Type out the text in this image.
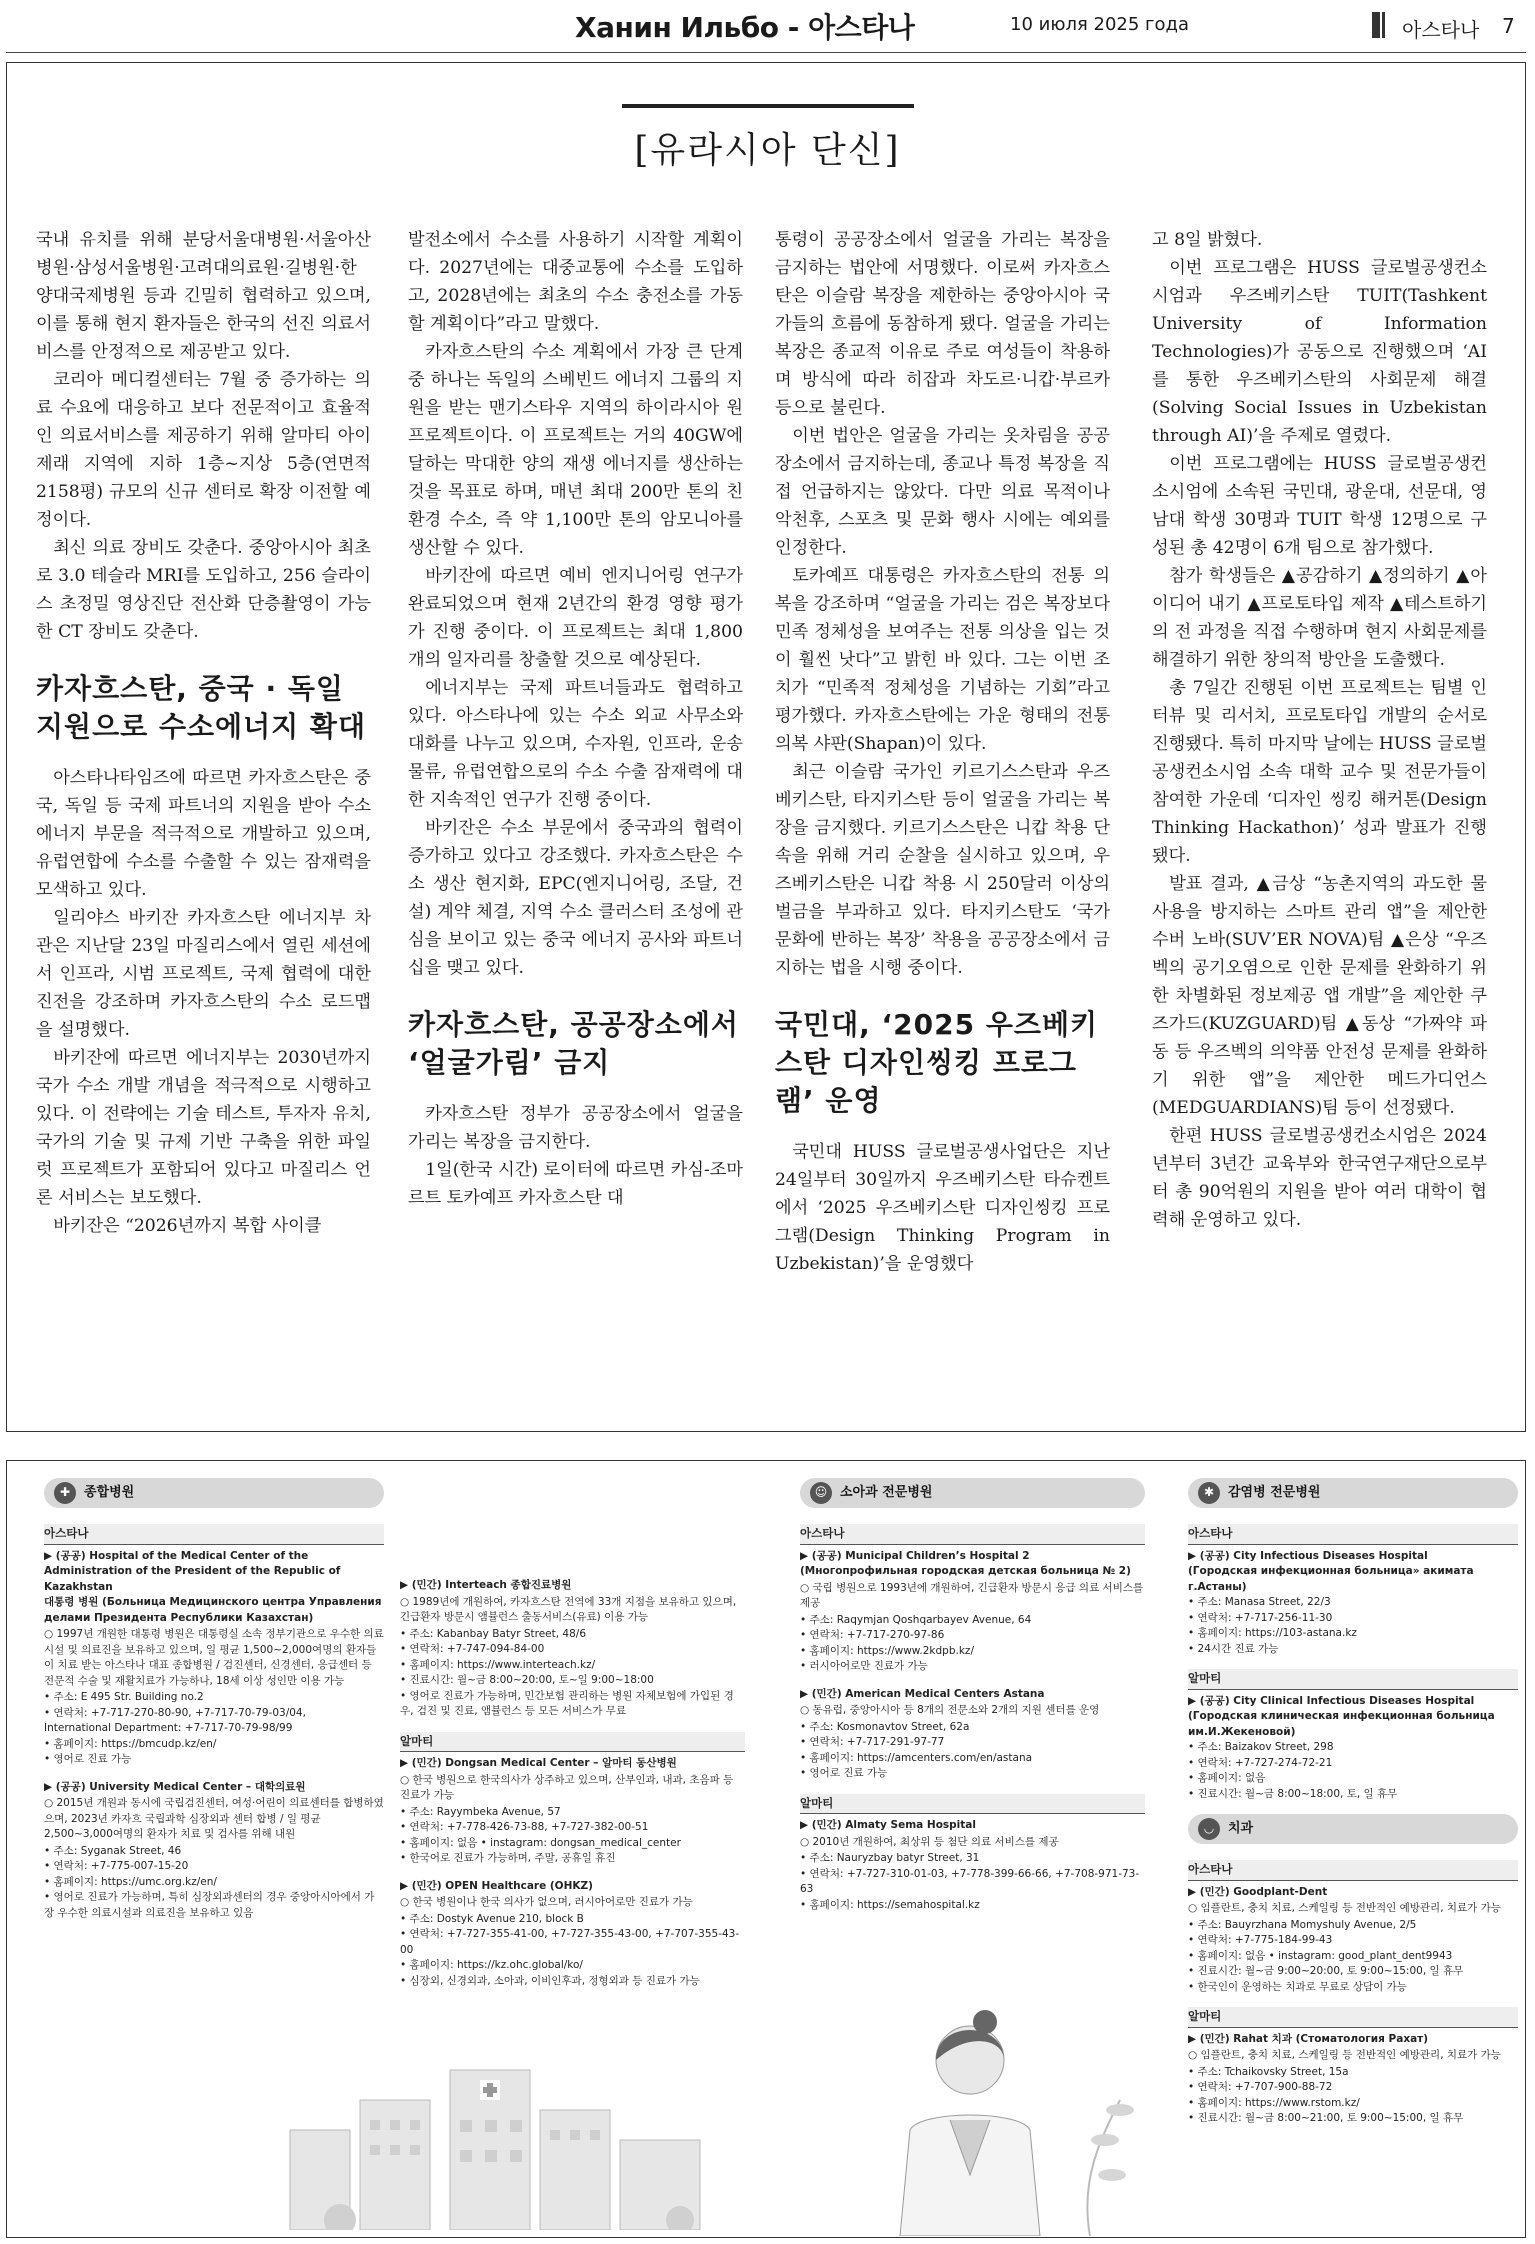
Ханин Ильбо - 아스타나	10 июля 2025 года	아스타나 7
[유라시아 단신]

국내 유치를 위해 분당서울대병원·서울아산병원·삼성서울병원·고려대의료원·길병원·한양대국제병원 등과 긴밀히 협력하고 있으며, 이를 통해 현지 환자들은 한국의 선진 의료서비스를 안정적으로 제공받고 있다.

코리아 메디컬센터는 7월 중 증가하는 의료 수요에 대응하고 보다 전문적이고 효율적인 의료서비스를 제공하기 위해 알마티 아이제래 지역에 지하 1층~지상 5층(연면적 2158평) 규모의 신규 센터로 확장 이전할 예정이다.

최신 의료 장비도 갖춘다. 중앙아시아 최초로 3.0 테슬라 MRI를 도입하고, 256 슬라이스 초정밀 영상진단 전산화 단층촬영이 가능한 CT 장비도 갖춘다.

카자흐스탄, 중국 · 독일 지원으로 수소에너지 확대

아스타나타임즈에 따르면 카자흐스탄은 중국, 독일 등 국제 파트너의 지원을 받아 수소 에너지 부문을 적극적으로 개발하고 있으며, 유럽연합에 수소를 수출할 수 있는 잠재력을 모색하고 있다.

일리야스 바키잔 카자흐스탄 에너지부 차관은 지난달 23일 마질리스에서 열린 세션에서 인프라, 시범 프로젝트, 국제 협력에 대한 진전을 강조하며 카자흐스탄의 수소 로드맵을 설명했다.

바키잔에 따르면 에너지부는 2030년까지 국가 수소 개발 개념을 적극적으로 시행하고 있다. 이 전략에는 기술 테스트, 투자자 유치, 국가의 기술 및 규제 기반 구축을 위한 파일럿 프로젝트가 포함되어 있다고 마질리스 언론 서비스는 보도했다.

바키잔은 “2026년까지 복합 사이클

발전소에서 수소를 사용하기 시작할 계획이다. 2027년에는 대중교통에 수소를 도입하고, 2028년에는 최초의 수소 충전소를 가동할 계획이다”라고 말했다.

카자흐스탄의 수소 계획에서 가장 큰 단계 중 하나는 독일의 스베빈드 에너지 그룹의 지원을 받는 맨기스타우 지역의 하이라시아 원 프로젝트이다. 이 프로젝트는 거의 40GW에 달하는 막대한 양의 재생 에너지를 생산하는 것을 목표로 하며, 매년 최대 200만 톤의 친환경 수소, 즉 약 1,100만 톤의 암모니아를 생산할 수 있다.

바키잔에 따르면 예비 엔지니어링 연구가 완료되었으며 현재 2년간의 환경 영향 평가가 진행 중이다. 이 프로젝트는 최대 1,800개의 일자리를 창출할 것으로 예상된다.

에너지부는 국제 파트너들과도 협력하고 있다. 아스타나에 있는 수소 외교 사무소와 대화를 나누고 있으며, 수자원, 인프라, 운송 물류, 유럽연합으로의 수소 수출 잠재력에 대한 지속적인 연구가 진행 중이다.

바키잔은 수소 부문에서 중국과의 협력이 증가하고 있다고 강조했다. 카자흐스탄은 수소 생산 현지화, EPC(엔지니어링, 조달, 건설) 계약 체결, 지역 수소 클러스터 조성에 관심을 보이고 있는 중국 에너지 공사와 파트너십을 맺고 있다.

카자흐스탄, 공공장소에서 ‘얼굴가림’ 금지

카자흐스탄 정부가 공공장소에서 얼굴을 가리는 복장을 금지한다.

1일(한국 시간) 로이터에 따르면 카심-조마르트 토카예프 카자흐스탄 대

통령이 공공장소에서 얼굴을 가리는 복장을 금지하는 법안에 서명했다. 이로써 카자흐스탄은 이슬람 복장을 제한하는 중앙아시아 국가들의 흐름에 동참하게 됐다. 얼굴을 가리는 복장은 종교적 이유로 주로 여성들이 착용하며 방식에 따라 히잡과 차도르·니캅·부르카 등으로 불린다.

이번 법안은 얼굴을 가리는 옷차림을 공공장소에서 금지하는데, 종교나 특정 복장을 직접 언급하지는 않았다. 다만 의료 목적이나 악천후, 스포츠 및 문화 행사 시에는 예외를 인정한다.

토카예프 대통령은 카자흐스탄의 전통 의복을 강조하며 “얼굴을 가리는 검은 복장보다 민족 정체성을 보여주는 전통 의상을 입는 것이 훨씬 낫다”고 밝힌 바 있다. 그는 이번 조치가 “민족적 정체성을 기념하는 기회”라고 평가했다. 카자흐스탄에는 가운 형태의 전통 의복 샤판(Shapan)이 있다.

최근 이슬람 국가인 키르기스스탄과 우즈베키스탄, 타지키스탄 등이 얼굴을 가리는 복장을 금지했다. 키르기스스탄은 니캅 착용 단속을 위해 거리 순찰을 실시하고 있으며, 우즈베키스탄은 니캅 착용 시 250달러 이상의 벌금을 부과하고 있다. 타지키스탄도 ‘국가 문화에 반하는 복장’ 착용을 공공장소에서 금지하는 법을 시행 중이다.

국민대, ‘2025 우즈베키스탄 디자인씽킹 프로그램’ 운영

국민대 HUSS 글로벌공생사업단은 지난 24일부터 30일까지 우즈베키스탄 타슈켄트에서 ‘2025 우즈베키스탄 디자인씽킹 프로그램(Design Thinking Program in Uzbekistan)’을 운영했다

고 8일 밝혔다.

이번 프로그램은 HUSS 글로벌공생컨소시엄과 우즈베키스탄 TUIT(Tashkent University of Information Technologies)가 공동으로 진행했으며 ‘AI를 통한 우즈베키스탄의 사회문제 해결(Solving Social Issues in Uzbekistan through AI)’을 주제로 열렸다.

이번 프로그램에는 HUSS 글로벌공생컨소시엄에 소속된 국민대, 광운대, 선문대, 영남대 학생 30명과 TUIT 학생 12명으로 구성된 총 42명이 6개 팀으로 참가했다.

참가 학생들은 ▲공감하기 ▲정의하기 ▲아이디어 내기 ▲프로토타입 제작 ▲테스트하기의 전 과정을 직접 수행하며 현지 사회문제를 해결하기 위한 창의적 방안을 도출했다.

총 7일간 진행된 이번 프로젝트는 팀별 인터뷰 및 리서치, 프로토타입 개발의 순서로 진행됐다. 특히 마지막 날에는 HUSS 글로벌공생컨소시엄 소속 대학 교수 및 전문가들이 참여한 가운데 ‘디자인 씽킹 해커톤(Design Thinking Hackathon)’ 성과 발표가 진행됐다.

발표 결과, ▲금상 “농촌지역의 과도한 물 사용을 방지하는 스마트 관리 앱”을 제안한 수버 노바(SUV’ER NOVA)팀 ▲은상 “우즈벡의 공기오염으로 인한 문제를 완화하기 위한 차별화된 정보제공 앱 개발”을 제안한 쿠즈가드(KUZGUARD)팀 ▲동상 “가짜약 파동 등 우즈벡의 의약품 안전성 문제를 완화하기 위한 앱”을 제안한 메드가디언스(MEDGUARDIANS)팀 등이 선정됐다.

한편 HUSS 글로벌공생컨소시엄은 2024년부터 3년간 교육부와 한국연구재단으로부터 총 90억원의 지원을 받아 여러 대학이 협력해 운영하고 있다.

✚	종합병원
아스타나
▶ (공공) Hospital of the Medical Center of the Administration of the President of the Republic of Kazakhstan
대통령 병원 (Больница Медицинского центра Управления делами Президента Республики Казахстан)
○ 1997년 개원한 대통령 병원은 대통령실 소속 정부기관으로 우수한 의료 시설 및 의료진을 보유하고 있으며, 일 평균 1,500~2,000여명의 환자들이 치료 받는 아스타나 대표 종합병원 / 검진센터, 신경센터, 응급센터 등 전문적 수술 및 재활치료가 가능하나, 18세 이상 성인만 이용 가능
• 주소: E 495 Str. Building no.2
• 연락처: +7-717-270-80-90, +7-717-70-79-03/04,
International Department: +7-717-70-79-98/99
• 홈페이지: https://bmcudp.kz/en/
• 영어로 진료 가능
▶ (공공) University Medical Center – 대학의료원
○ 2015년 개원과 동시에 국립검진센터, 여성·어린이 의료센터를 합병하였으며, 2023년 카자흐 국립과학 심장외과 센터 합병 / 일 평균 2,500~3,000여명의 환자가 치료 및 검사를 위해 내원
• 주소: Syganak Street, 46
• 연락처: +7-775-007-15-20
• 홈페이지: https://umc.org.kz/en/
• 영어로 진료가 가능하며, 특히 심장외과센터의 경우 중앙아시아에서 가장 우수한 의료시설과 의료진을 보유하고 있음
▶ (민간) Interteach 종합진료병원
○ 1989년에 개원하여, 카자흐스탄 전역에 33개 지점을 보유하고 있으며, 긴급환자 방문시 앰뷸런스 출동서비스(유료) 이용 가능
• 주소: Kabanbay Batyr Street, 48/6
• 연락처: +7-747-094-84-00
• 홈페이지: https://www.interteach.kz/
• 진료시간: 월~금 8:00~20:00, 토~일 9:00~18:00
• 영어로 진료가 가능하며, 민간보험 관리하는 병원 자체보험에 가입된 경우, 검진 및 진료, 앰뷸런스 등 모든 서비스가 무료
알마티
▶ (민간) Dongsan Medical Center – 알마티 동산병원
○ 한국 병원으로 한국의사가 상주하고 있으며, 산부인과, 내과, 초음파 등 진료가 가능
• 주소: Rayymbeka Avenue, 57
• 연락처: +7-778-426-73-88, +7-727-382-00-51
• 홈페이지: 없음 • instagram: dongsan_medical_center
• 한국어로 진료가 가능하며, 주말, 공휴일 휴진
▶ (민간) OPEN Healthcare (OHKZ)
○ 한국 병원이나 한국 의사가 없으며, 러시아어로만 진료가 가능
• 주소: Dostyk Avenue 210, block B
• 연락처: +7-727-355-41-00, +7-727-355-43-00, +7-707-355-43-00
• 홈페이지: https://kz.ohc.global/ko/
• 심장외, 신경외과, 소아과, 이비인후과, 정형외과 등 진료가 가능
☺ 소아과 전문병원
아스타나
▶ (공공) Municipal Children’s Hospital 2
(Многопрофильная городская детская больница № 2)
○ 국립 병원으로 1993년에 개원하여, 긴급환자 방문시 응급 의료 서비스를 제공
• 주소: Raqymjan Qoshqarbayev Avenue, 64
• 연락처: +7-717-270-97-86
• 홈페이지: https://www.2kdpb.kz/
• 러시아어로만 진료가 가능
▶ (민간) American Medical Centers Astana
○ 동유럽, 중앙아시아 등 8개의 전문소와 2개의 지원 센터를 운영
• 주소: Kosmonavtov Street, 62a
• 연락처: +7-717-291-97-77
• 홈페이지: https://amcenters.com/en/astana
• 영어로 진료 가능
알마티
▶ (민간) Almaty Sema Hospital
○ 2010년 개원하여, 최상위 등 첨단 의료 서비스를 제공
• 주소: Nauryzbay batyr Street, 31
• 연락처: +7-727-310-01-03, +7-778-399-66-66, +7-708-971-73-63
• 홈페이지: https://semahospital.kz
✱	감염병 전문병원
아스타나
▶ (공공) City Infectious Diseases Hospital
(Городская инфекционная больница» акимата г.Астаны)
• 주소: Manasa Street, 22/3
• 연락처: +7-717-256-11-30
• 홈페이지: https://103-astana.kz
• 24시간 진료 가능
알마티
▶ (공공) City Clinical Infectious Diseases Hospital
(Городская клиническая инфекционная больница им.И.Жекеновой)
• 주소: Baizakov Street, 298
• 연락처: +7-727-274-72-21
• 홈페이지: 없음
• 진료시간: 월~금 8:00~18:00, 토, 일 휴무
◡	치과
아스타나
▶ (민간) Goodplant-Dent
○ 임플란트, 충치 치료, 스케일링 등 전반적인 예방관리, 치료가 가능
• 주소: Bauyrzhana Momyshuly Avenue, 2/5
• 연락처: +7-775-184-99-43
• 홈페이지: 없음 • instagram: good_plant_dent9943
• 진료시간: 월~금 9:00~20:00, 토 9:00~15:00, 일 휴무
• 한국인이 운영하는 치과로 무료로 상담이 가능
알마티
▶ (민간) Rahat 치과 (Стоматология Рахат)
○ 임플란트, 충치 치료, 스케일링 등 전반적인 예방관리, 치료가 가능
• 주소: Tchaikovsky Street, 15a
• 연락처: +7-707-900-88-72
• 홈페이지: https://www.rstom.kz/
• 진료시간: 월~금 8:00~21:00, 토 9:00~15:00, 일 휴무
